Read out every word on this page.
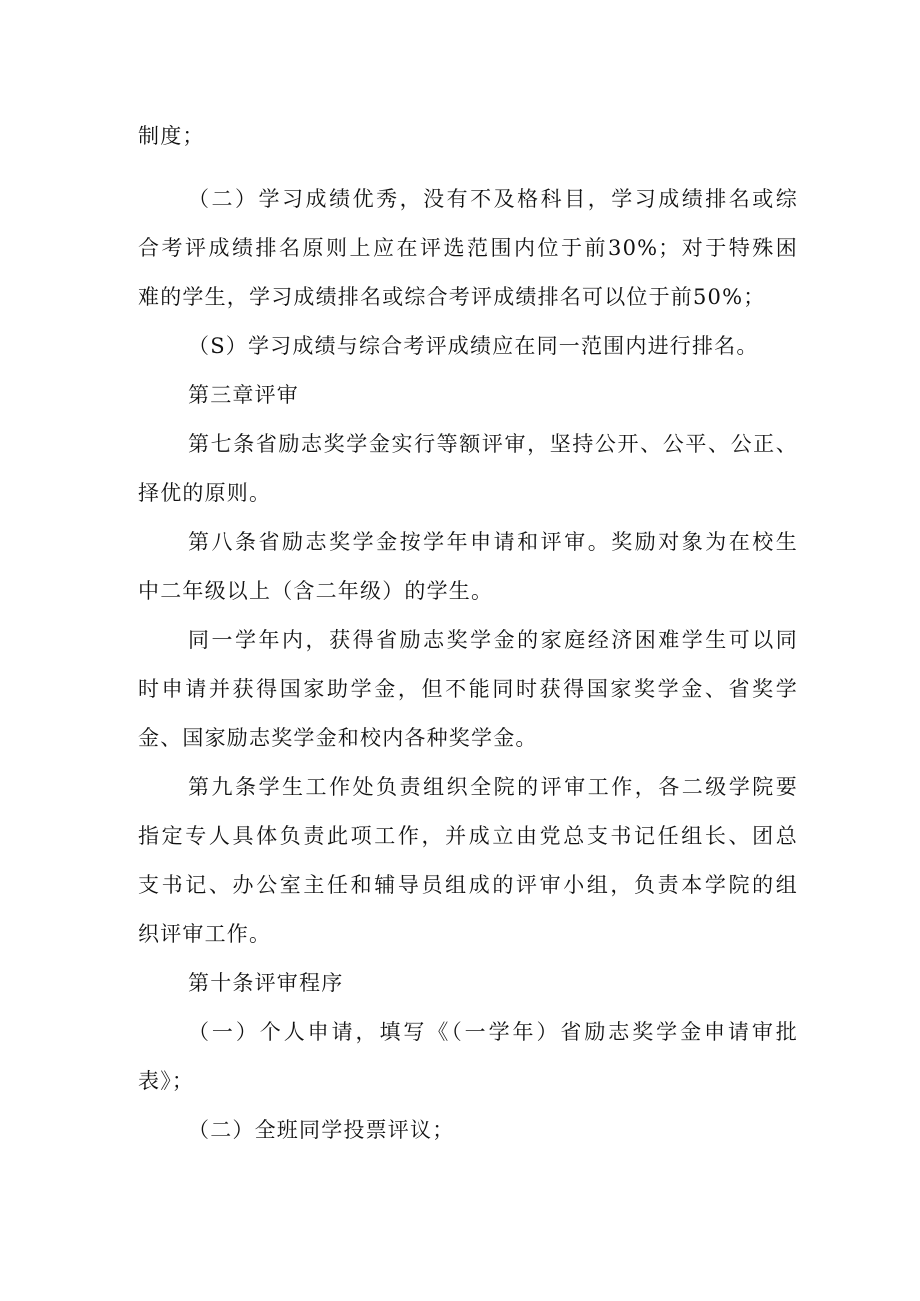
制度；
（二）学习成绩优秀，没有不及格科目，学习成绩排名或综
合考评成绩排名原则上应在评选范围内位于前30%；对于特殊困
难的学生，学习成绩排名或综合考评成绩排名可以位于前50%；
（S）学习成绩与综合考评成绩应在同一范围内进行排名。
第三章评审
第七条省励志奖学金实行等额评审，坚持公开、公平、公正、
择优的原则。
第八条省励志奖学金按学年申请和评审。奖励对象为在校生
中二年级以上（含二年级）的学生。
同一学年内，获得省励志奖学金的家庭经济困难学生可以同
时申请并获得国家助学金，但不能同时获得国家奖学金、省奖学
金、国家励志奖学金和校内各种奖学金。
第九条学生工作处负责组织全院的评审工作，各二级学院要
指定专人具体负责此项工作，并成立由党总支书记任组长、团总
支书记、办公室主任和辅导员组成的评审小组，负责本学院的组
织评审工作。
第十条评审程序
（一）个人申请，填写《（一学年）省励志奖学金申请审批
表》；
（二）全班同学投票评议；
